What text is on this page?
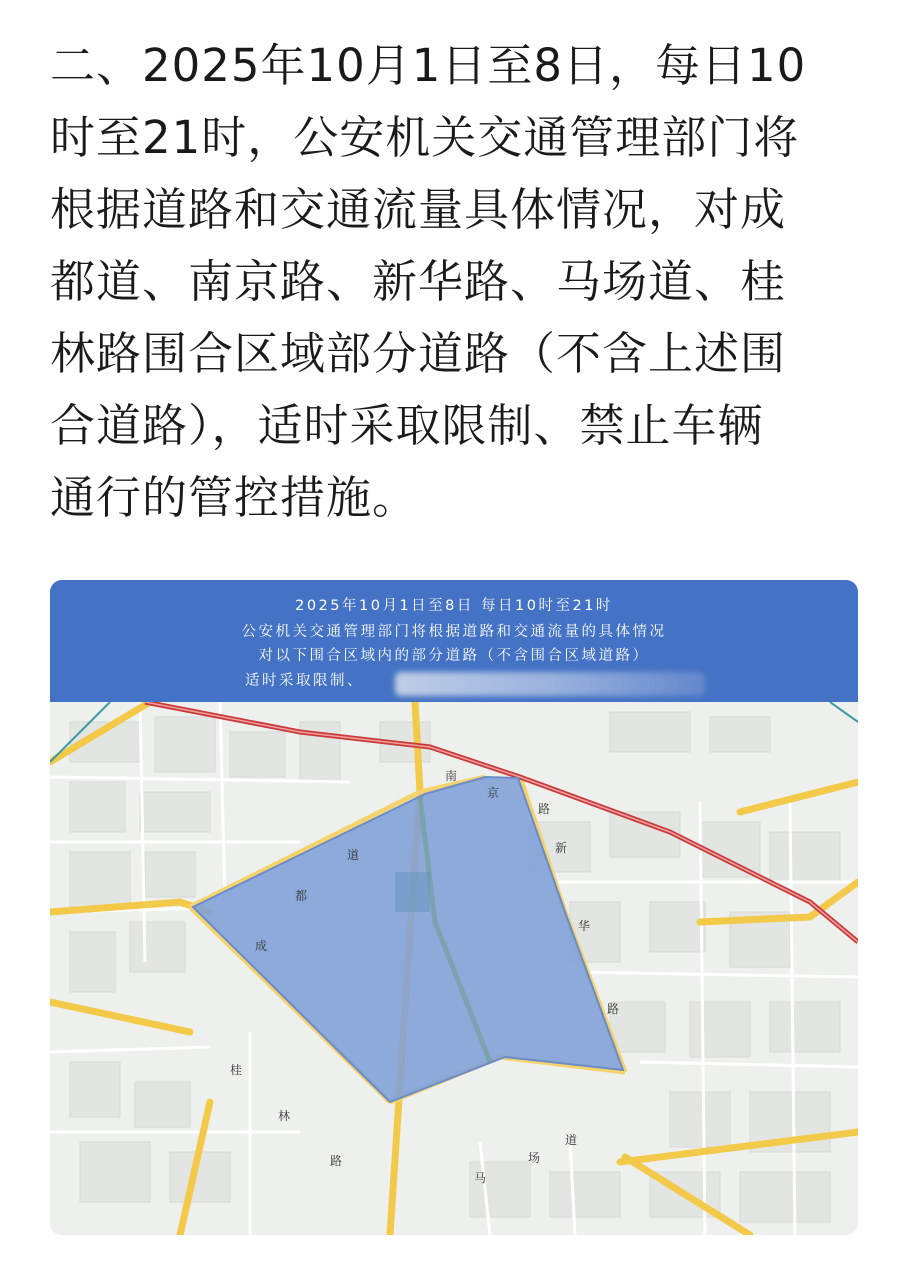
二、2025年10月1日至8日，每日10
时至21时，公安机关交通管理部门将
根据道路和交通流量具体情况，对成
都道、南京路、新华路、马场道、桂
林路围合区域部分道路（不含上述围
合道路），适时采取限制、禁止车辆
通行的管控措施。
2025年10月1日至8日 每日10时至21时
公安机关交通管理部门将根据道路和交通流量的具体情况
对以下围合区域内的部分道路（不含围合区域道路）
适时采取限制、
南
京
路
新
华
路
成
都
道
桂
林
路
马
场
道
